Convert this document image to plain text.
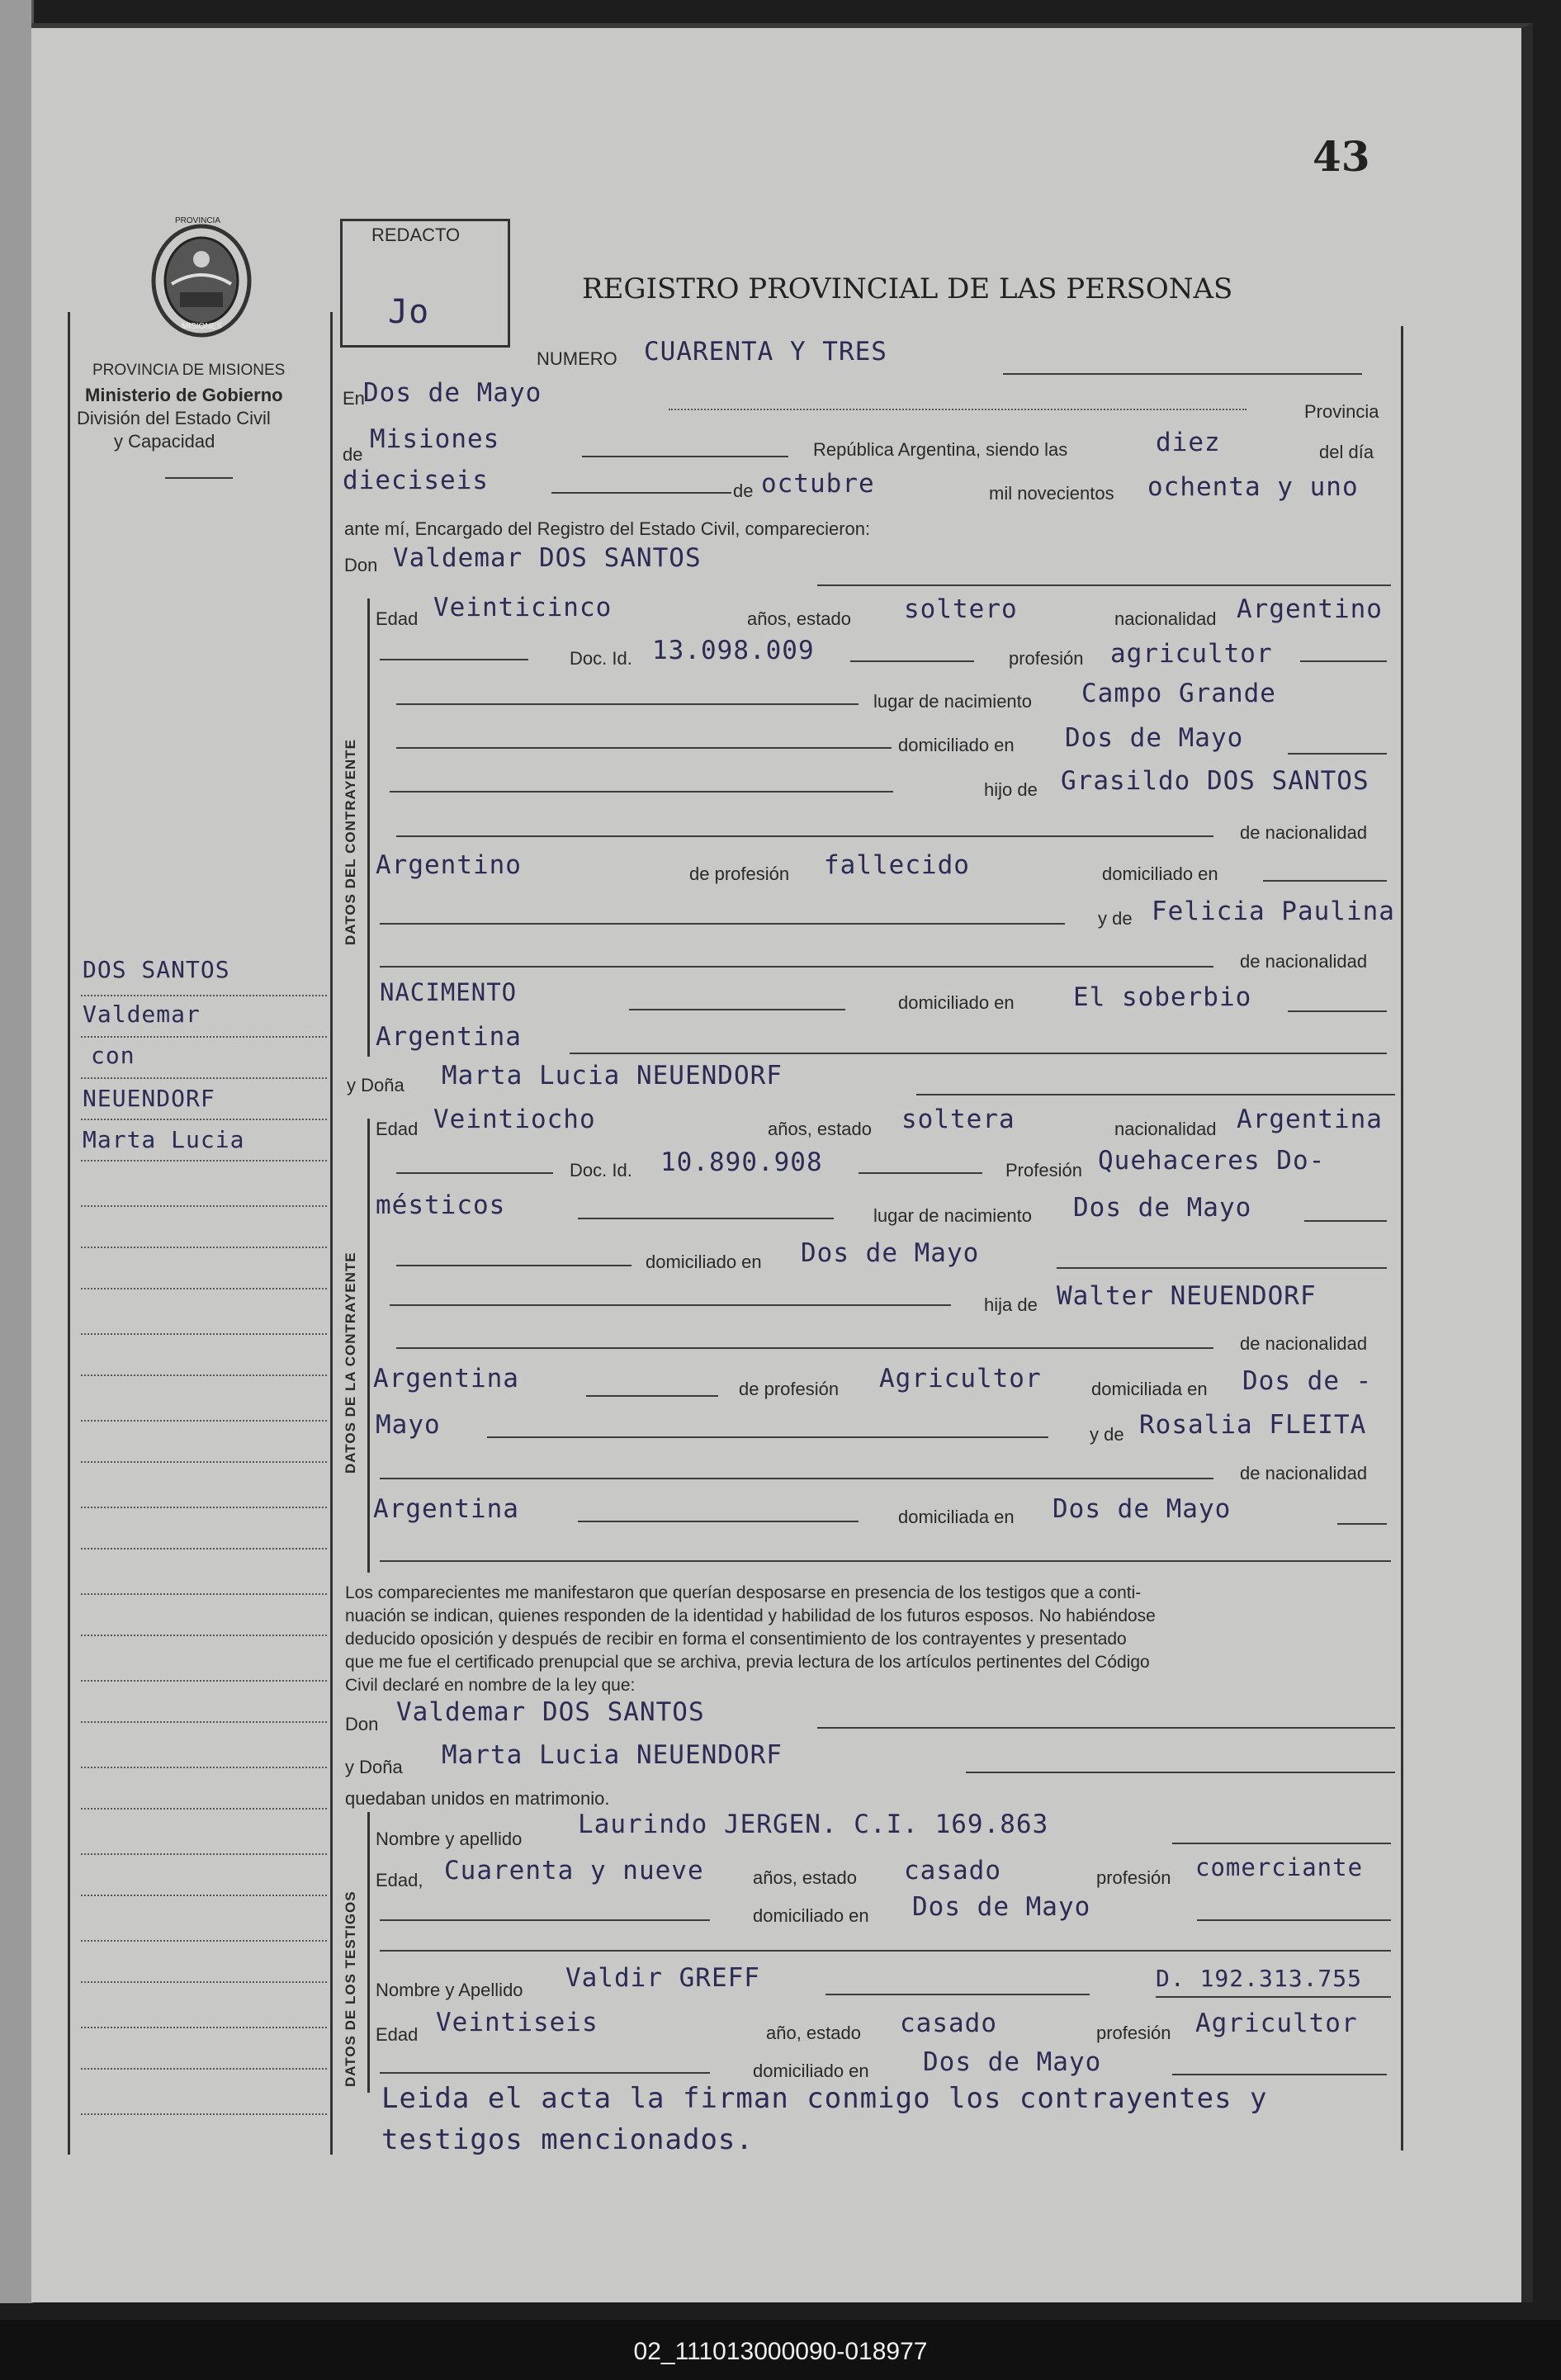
43
PROVINCIA
MISIONES
PROVINCIA DE MISIONES
Ministerio de Gobierno
División del Estado Civil
y Capacidad
REDACTO
Jo
REGISTRO PROVINCIAL DE LAS PERSONAS
DOS SANTOS
Valdemar
con
NEUENDORF
Marta Lucia
NUMERO CUARENTA Y TRES
En
Dos de Mayo
Provincia
de
Misiones	República Argentina, siendo las	diez	del día
dieciseis	de octubre	mil novecientos ochenta y uno
ante mí, Encargado del Registro del Estado Civil, comparecieron:
Don Valdemar DOS SANTOS
DATOS DEL CONTRAYENTE
Edad Veinticinco	años, estado soltero	nacionalidad Argentino
Doc. Id. 13.098.009	profesión agricultor
lugar de nacimiento Campo Grande
domiciliado en Dos de Mayo
hijo de Grasildo DOS SANTOS
de nacionalidad
Argentino	de profesión fallecido	domiciliado en
y de Felicia Paulina
de nacionalidad
NACIMENTO	domiciliado en El soberbio
Argentina
y Doña Marta Lucia NEUENDORF
DATOS DE LA CONTRAYENTE
Edad Veintiocho	años, estado soltera	nacionalidad Argentina
Doc. Id. 10.890.908	Profesión Quehaceres Do-
mésticos	lugar de nacimiento Dos de Mayo
domiciliado en Dos de Mayo
hija de Walter NEUENDORF
de nacionalidad
Argentina	de profesión Agricultor	domiciliada en Dos de -
Mayo	y de Rosalia FLEITA
de nacionalidad
Argentina	domiciliada en Dos de Mayo
Los comparecientes me manifestaron que querían desposarse en presencia de los testigos que a conti-
nuación se indican, quienes responden de la identidad y habilidad de los futuros esposos. No habiéndose
deducido oposición y después de recibir en forma el consentimiento de los contrayentes y presentado
que me fue el certificado prenupcial que se archiva, previa lectura de los artículos pertinentes del Código
Civil declaré en nombre de la ley que:
Don Valdemar DOS SANTOS
y Doña Marta Lucia NEUENDORF
quedaban unidos en matrimonio.
DATOS DE LOS TESTIGOS
Nombre y apellido Laurindo JERGEN. C.I. 169.863
Edad, Cuarenta y nueve	años, estado casado	profesión comerciante
domiciliado en Dos de Mayo
Nombre y Apellido Valdir GREFF	D. 192.313.755
Edad Veintiseis	año, estado casado	profesión Agricultor
domiciliado en Dos de Mayo
Leida el acta la firman conmigo los contrayentes y
testigos mencionados.
02_111013000090-018977
